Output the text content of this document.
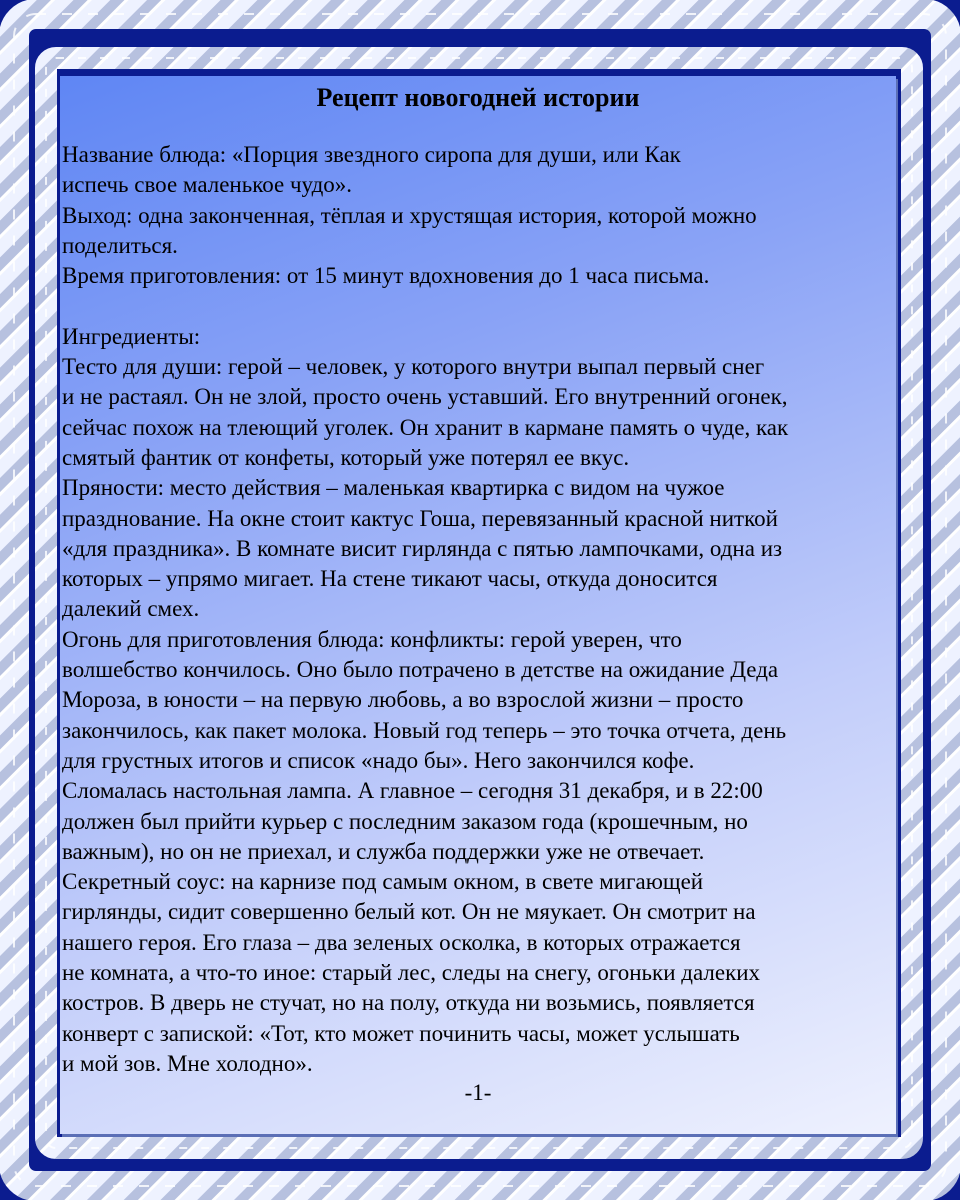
Рецепт новогодней истории
Название блюда: «Порция звездного сиропа для души, или Как
испечь свое маленькое чудо».
Выход: одна законченная, тёплая и хрустящая история, которой можно
поделиться.
Время приготовления: от 15 минут вдохновения до 1 часа письма.
Ингредиенты:
Тесто для души: герой – человек, у которого внутри выпал первый снег
и не растаял. Он не злой, просто очень уставший. Его внутренний огонек,
сейчас похож на тлеющий уголек. Он хранит в кармане память о чуде, как
смятый фантик от конфеты, который уже потерял ее вкус.
Пряности: место действия – маленькая квартирка с видом на чужое
празднование. На окне стоит кактус Гоша, перевязанный красной ниткой
«для праздника». В комнате висит гирлянда с пятью лампочками, одна из
которых – упрямо мигает. На стене тикают часы, откуда доносится
далекий смех.
Огонь для приготовления блюда: конфликты: герой уверен, что
волшебство кончилось. Оно было потрачено в детстве на ожидание Деда
Мороза, в юности – на первую любовь, а во взрослой жизни – просто
закончилось, как пакет молока. Новый год теперь – это точка отчета, день
для грустных итогов и список «надо бы». Него закончился кофе.
Сломалась настольная лампа. А главное – сегодня 31 декабря, и в 22:00
должен был прийти курьер с последним заказом года (крошечным, но
важным), но он не приехал, и служба поддержки уже не отвечает.
Секретный соус: на карнизе под самым окном, в свете мигающей
гирлянды, сидит совершенно белый кот. Он не мяукает. Он смотрит на
нашего героя. Его глаза – два зеленых осколка, в которых отражается
не комната, а что-то иное: старый лес, следы на снегу, огоньки далеких
костров. В дверь не стучат, но на полу, откуда ни возьмись, появляется
конверт с запиской: «Тот, кто может починить часы, может услышать
и мой зов. Мне холодно».
-1-
